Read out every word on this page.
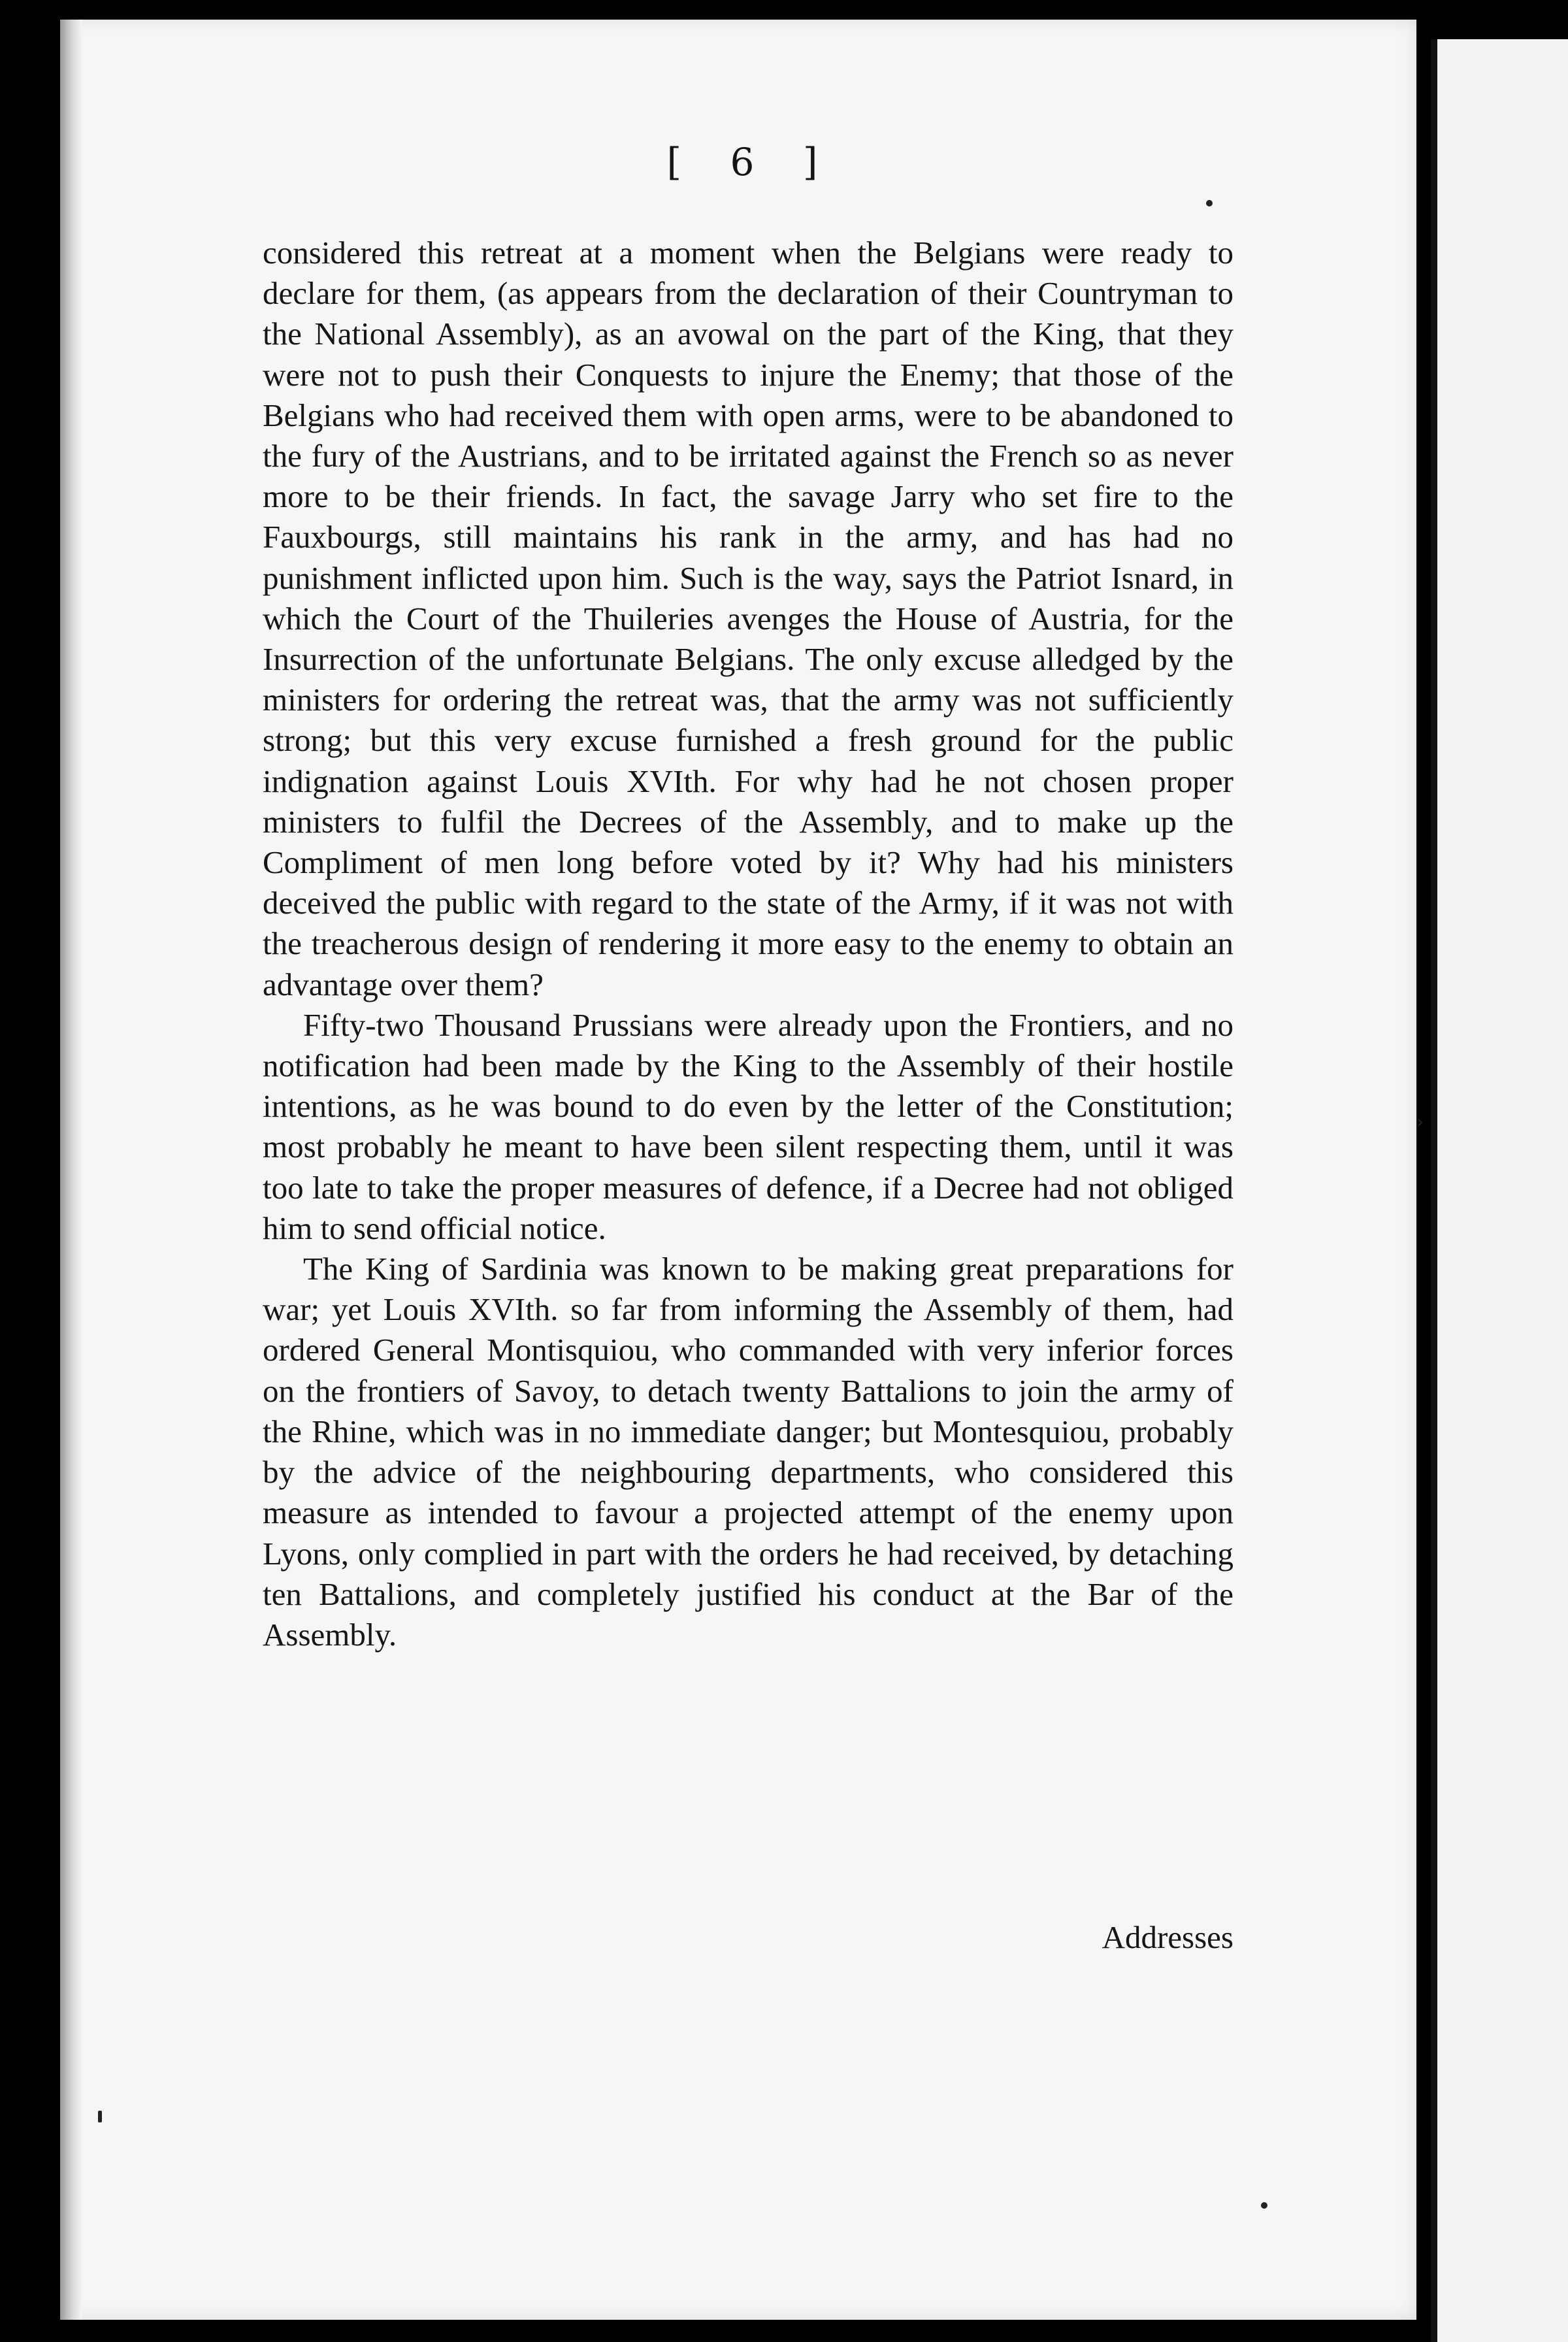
[ 6 ]

considered this retreat at a moment when the Belgians were ready to declare for them, (as appears from the declaration of their Countryman to the National Assembly), as an avowal on the part of the King, that they were not to push their Conquests to injure the Enemy; that those of the Belgians who had received them with open arms, were to be abandoned to the fury of the Austrians, and to be irritated against the French so as never more to be their friends. In fact, the savage Jarry who set fire to the Fauxbourgs, still maintains his rank in the army, and has had no punishment inflicted upon him. Such is the way, says the Patriot Isnard, in which the Court of the Thuileries avenges the House of Austria, for the Insurrection of the unfortunate Belgians. The only excuse alledged by the ministers for ordering the retreat was, that the army was not sufficiently strong; but this very excuse furnished a fresh ground for the public indignation against Louis XVIth. For why had he not chosen proper ministers to fulfil the Decrees of the Assembly, and to make up the Compliment of men long before voted by it? Why had his ministers deceived the public with regard to the state of the Army, if it was not with the treacherous design of rendering it more easy to the enemy to obtain an advantage over them?

Fifty-two Thousand Prussians were already upon the Frontiers, and no notification had been made by the King to the Assembly of their hostile intentions, as he was bound to do even by the letter of the Constitution; most probably he meant to have been silent respecting them, until it was too late to take the proper measures of defence, if a Decree had not obliged him to send official notice.

The King of Sardinia was known to be making great preparations for war; yet Louis XVIth. so far from informing the Assembly of them, had ordered General Montisquiou, who commanded with very inferior forces on the frontiers of Savoy, to detach twenty Battalions to join the army of the Rhine, which was in no immediate danger; but Montesquiou, probably by the advice of the neighbouring departments, who considered this measure as intended to favour a projected attempt of the enemy upon Lyons, only complied in part with the orders he had received, by detaching ten Battalions, and completely justified his conduct at the Bar of the Assembly.

Addresses
›
